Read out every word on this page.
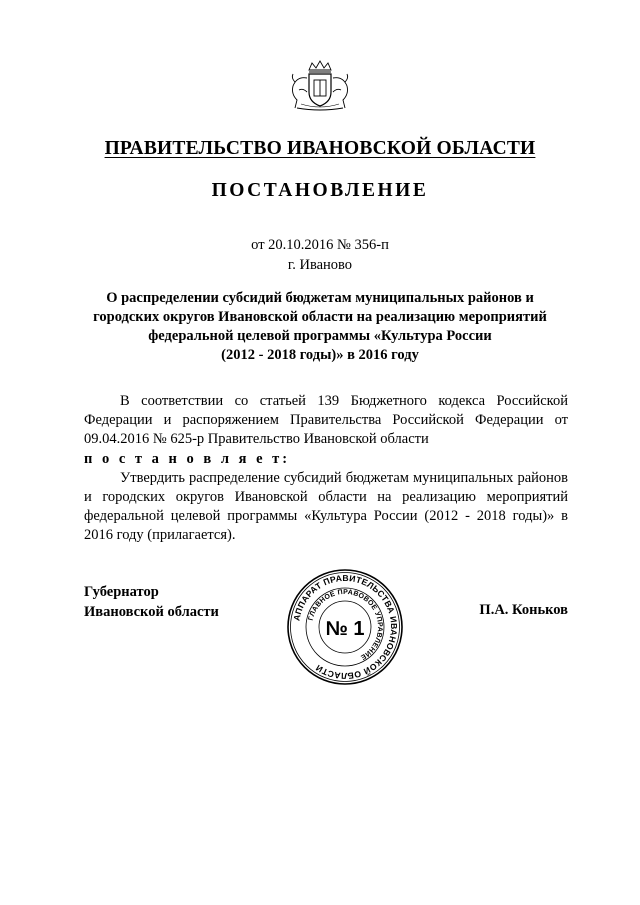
ПРАВИТЕЛЬСТВО ИВАНОВСКОЙ ОБЛАСТИ
ПОСТАНОВЛЕНИЕ
от 20.10.2016 № 356-п
г. Иваново
О распределении субсидий бюджетам муниципальных районов и
городских округов Ивановской области на реализацию мероприятий
федеральной целевой программы «Культура России
(2012 - 2018 годы)» в 2016 году

В соответствии со статьей 139 Бюджетного кодекса Российской Федерации и распоряжением Правительства Российской Федерации от 09.04.2016 № 625-р Правительство Ивановской области

п о с т а н о в л я е т:

Утвердить распределение субсидий бюджетам муниципальных районов и городских округов Ивановской области на реализацию мероприятий федеральной целевой программы «Культура России (2012 - 2018 годы)» в 2016 году (прилагается).

Губернатор
Ивановской области	АППАРАТ ПРАВИТЕЛЬСТВА ИВАНОВСКОЙ ОБЛАСТИ
ГЛАВНОЕ ПРАВОВОЕ УПРАВЛЕНИЕ
№ 1
П.А. Коньков
